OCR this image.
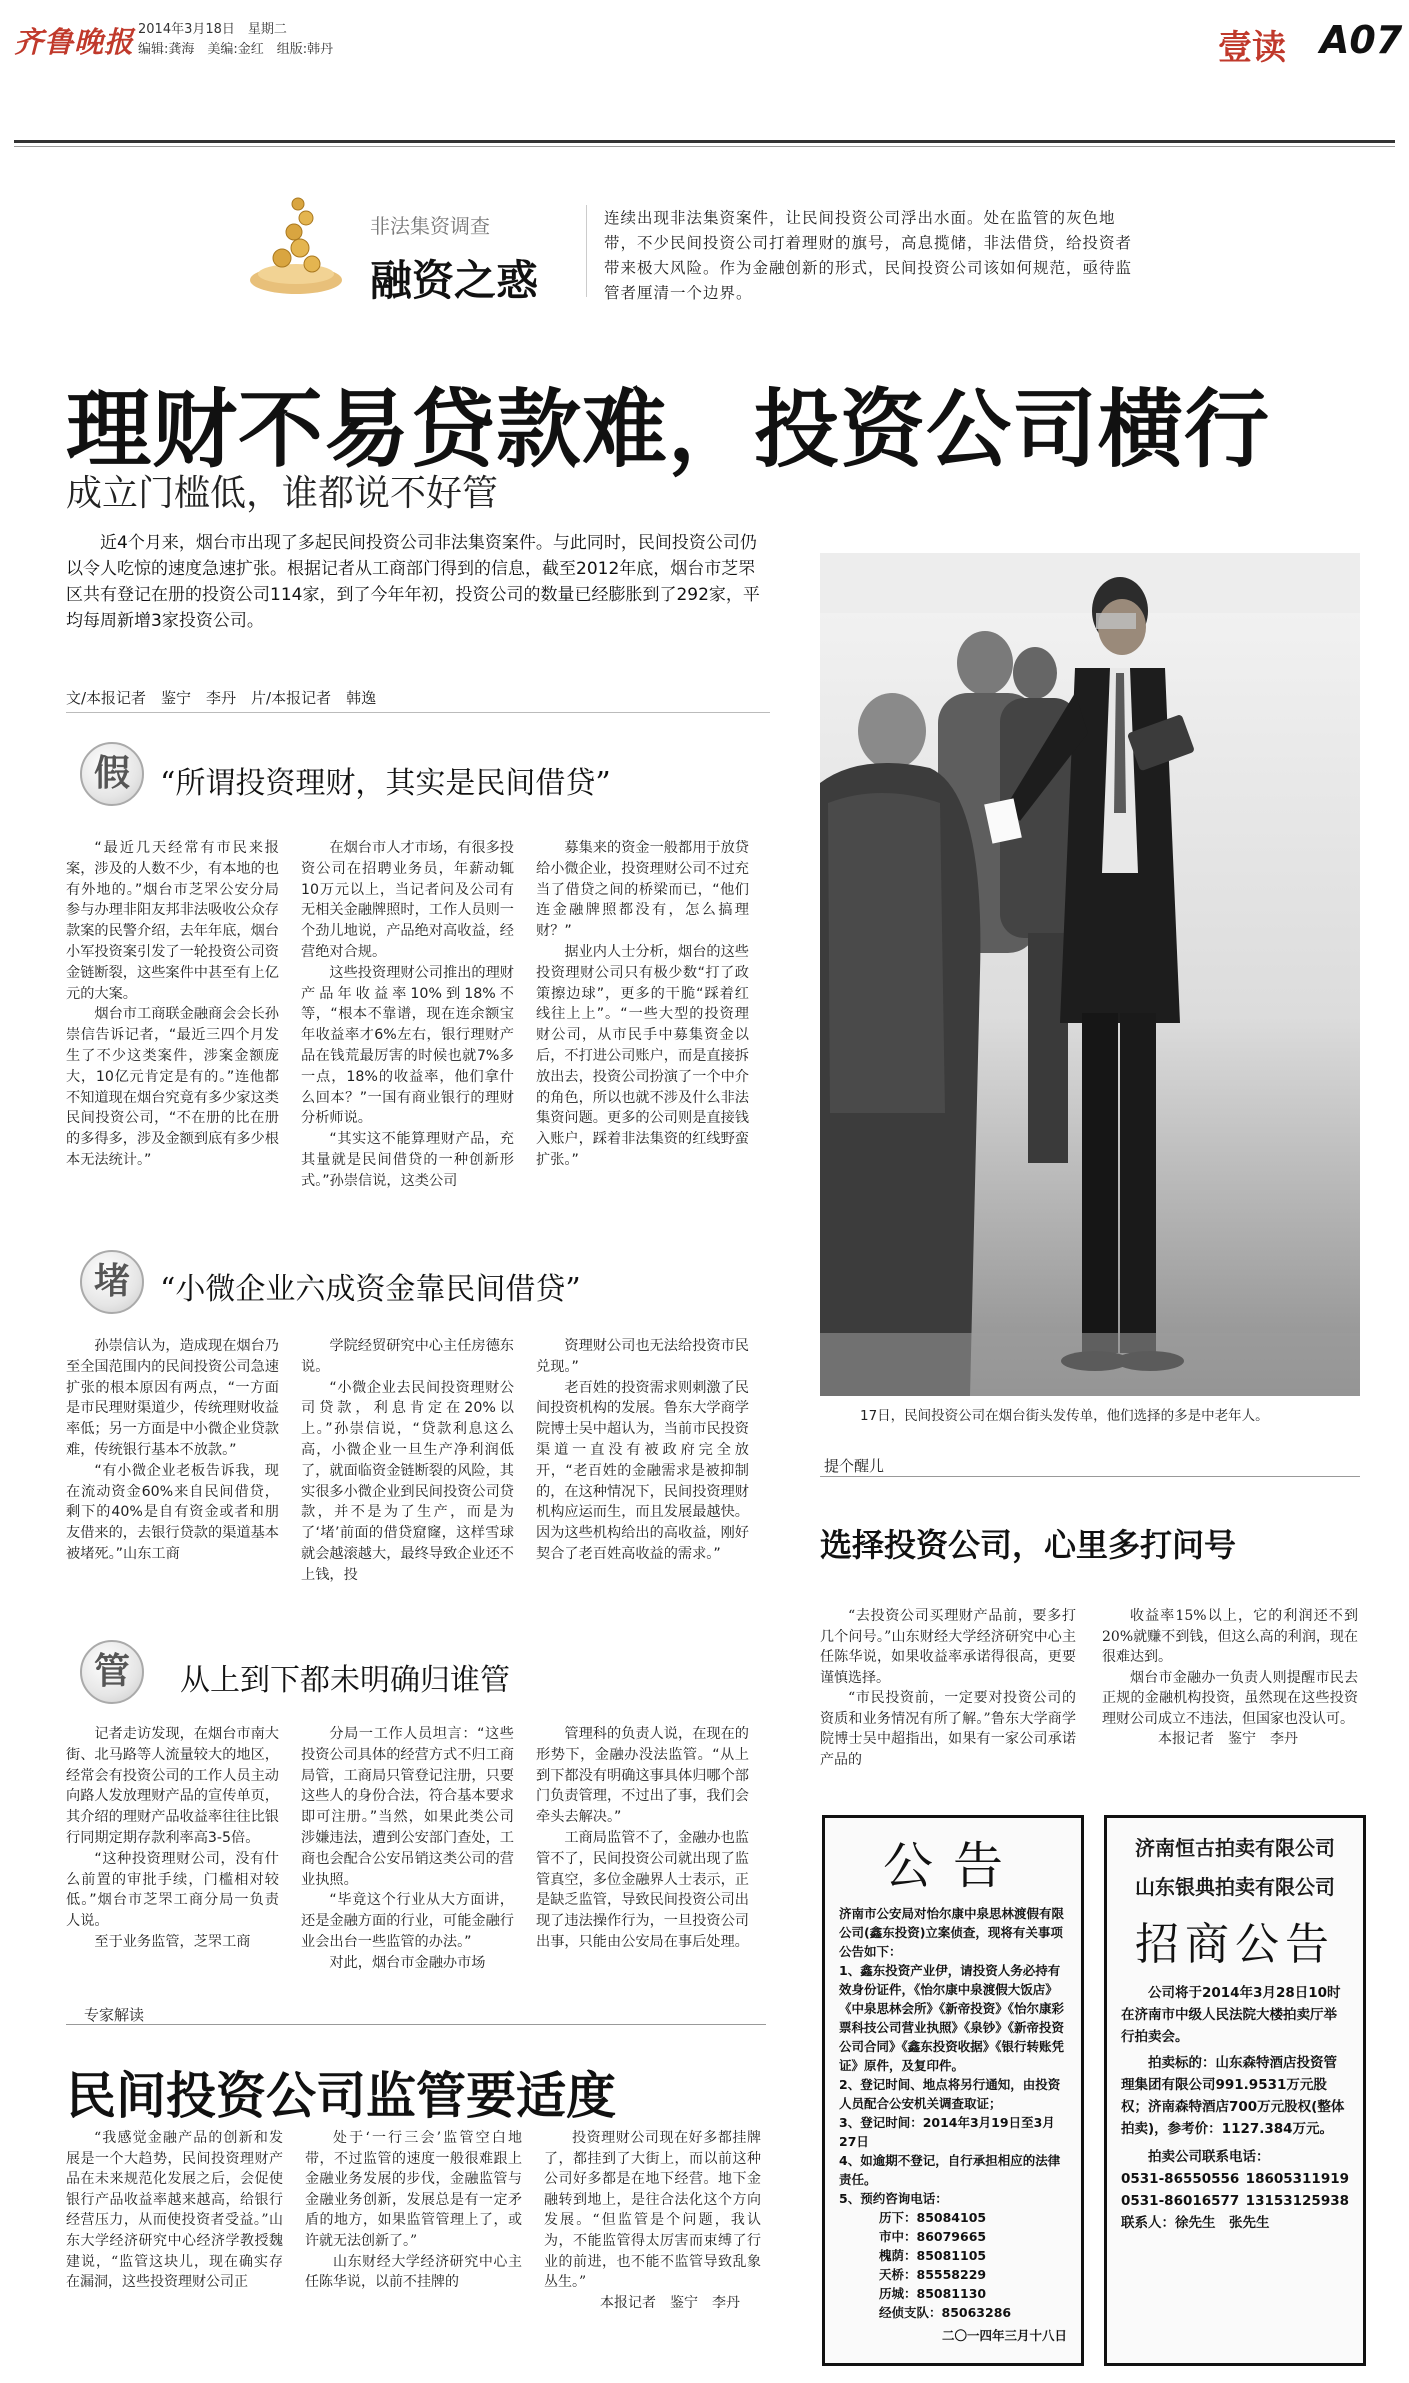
齐鲁晚报 2014年3月18日　星期二
编辑:龚海　美编:金红　组版:韩丹	壹读 A07
非法集资调查
融资之惑
连续出现非法集资案件，让民间投资公司浮出水面。处在监管的灰色地带，不少民间投资公司打着理财的旗号，高息揽储，非法借贷，给投资者带来极大风险。作为金融创新的形式，民间投资公司该如何规范，亟待监管者厘清一个边界。
理财不易贷款难，投资公司横行
成立门槛低，谁都说不好管
近4个月来，烟台市出现了多起民间投资公司非法集资案件。与此同时，民间投资公司仍以令人吃惊的速度急速扩张。根据记者从工商部门得到的信息，截至2012年底，烟台市芝罘区共有登记在册的投资公司114家，到了今年年初，投资公司的数量已经膨胀到了292家，平均每周新增3家投资公司。
文/本报记者　鉴宁　李丹　片/本报记者　韩逸
17日，民间投资公司在烟台街头发传单，他们选择的多是中老年人。
假	“所谓投资理财，其实是民间借贷”

“最近几天经常有市民来报案，涉及的人数不少，有本地的也有外地的。”烟台市芝罘公安分局参与办理非阳友邦非法吸收公众存款案的民警介绍，去年年底，烟台小军投资案引发了一轮投资公司资金链断裂，这些案件中甚至有上亿元的大案。

烟台市工商联金融商会会长孙崇信告诉记者，“最近三四个月发生了不少这类案件，涉案金额庞大，10亿元肯定是有的。”连他都不知道现在烟台究竟有多少家这类民间投资公司，“不在册的比在册的多得多，涉及金额到底有多少根本无法统计。”

在烟台市人才市场，有很多投资公司在招聘业务员，年薪动辄10万元以上，当记者问及公司有无相关金融牌照时，工作人员则一个劲儿地说，产品绝对高收益，经营绝对合规。

这些投资理财公司推出的理财产品年收益率10%到18%不等，“根本不靠谱，现在连余额宝年收益率才6%左右，银行理财产品在钱荒最厉害的时候也就7%多一点，18%的收益率，他们拿什么回本？”一国有商业银行的理财分析师说。

“其实这不能算理财产品，充其量就是民间借贷的一种创新形式。”孙崇信说，这类公司

募集来的资金一般都用于放贷给小微企业，投资理财公司不过充当了借贷之间的桥梁而已，“他们连金融牌照都没有，怎么搞理财？”

据业内人士分析，烟台的这些投资理财公司只有极少数“打了政策擦边球”，更多的干脆“踩着红线往上上”。“一些大型的投资理财公司，从市民手中募集资金以后，不打进公司账户，而是直接拆放出去，投资公司扮演了一个中介的角色，所以也就不涉及什么非法集资问题。更多的公司则是直接钱入账户，踩着非法集资的红线野蛮扩张。”

堵	“小微企业六成资金靠民间借贷”

孙崇信认为，造成现在烟台乃至全国范围内的民间投资公司急速扩张的根本原因有两点，“一方面是市民理财渠道少，传统理财收益率低；另一方面是中小微企业贷款难，传统银行基本不放款。”

“有小微企业老板告诉我，现在流动资金60%来自民间借贷，剩下的40%是自有资金或者和朋友借来的，去银行贷款的渠道基本被堵死。”山东工商

学院经贸研究中心主任房德东说。

“小微企业去民间投资理财公司贷款，利息肯定在20%以上。”孙崇信说，“贷款利息这么高，小微企业一旦生产净利润低了，就面临资金链断裂的风险，其实很多小微企业到民间投资公司贷款，并不是为了生产，而是为了‘堵’前面的借贷窟窿，这样雪球就会越滚越大，最终导致企业还不上钱，投

资理财公司也无法给投资市民兑现。”

老百姓的投资需求则刺激了民间投资机构的发展。鲁东大学商学院博士吴中超认为，当前市民投资渠道一直没有被政府完全放开，“老百姓的金融需求是被抑制的，在这种情况下，民间投资理财机构应运而生，而且发展最越快。因为这些机构给出的高收益，刚好契合了老百姓高收益的需求。”

管	从上到下都未明确归谁管

记者走访发现，在烟台市南大街、北马路等人流量较大的地区，经常会有投资公司的工作人员主动向路人发放理财产品的宣传单页，其介绍的理财产品收益率往往比银行同期定期存款利率高3-5倍。

“这种投资理财公司，没有什么前置的审批手续，门槛相对较低。”烟台市芝罘工商分局一负责人说。

至于业务监管，芝罘工商

分局一工作人员坦言：“这些投资公司具体的经营方式不归工商局管，工商局只管登记注册，只要这些人的身份合法，符合基本要求即可注册。”当然，如果此类公司涉嫌违法，遭到公安部门查处，工商也会配合公安吊销这类公司的营业执照。

“毕竟这个行业从大方面讲，还是金融方面的行业，可能金融行业会出台一些监管的办法。”

对此，烟台市金融办市场

管理科的负责人说，在现在的形势下，金融办没法监管。“从上到下都没有明确这事具体归哪个部门负责管理，不过出了事，我们会牵头去解决。”

工商局监管不了，金融办也监管不了，民间投资公司就出现了监管真空，多位金融界人士表示，正是缺乏监管，导致民间投资公司出现了违法操作行为，一旦投资公司出事，只能由公安局在事后处理。

提个醒儿
选择投资公司，心里多打问号

“去投资公司买理财产品前，要多打几个问号。”山东财经大学经济研究中心主任陈华说，如果收益率承诺得很高，更要谨慎选择。

“市民投资前，一定要对投资公司的资质和业务情况有所了解。”鲁东大学商学院博士吴中超指出，如果有一家公司承诺产品的

收益率15%以上，它的利润还不到20%就赚不到钱，但这么高的利润，现在很难达到。

烟台市金融办一负责人则提醒市民去正规的金融机构投资，虽然现在这些投资理财公司成立不违法，但国家也没认可。

本报记者　鉴宁　李丹

公告
济南市公安局对怡尔康中泉思林渡假有限公司(鑫东投资)立案侦查，现将有关事项公告如下：
1、鑫东投资产业伊，请投资人务必持有效身份证件，《怡尔康中泉渡假大饭店》《中泉思林会所》《新帝投资》《怡尔康彩票科技公司营业执照》《泉钞》《新帝投资公司合同》《鑫东投资收据》《银行转账凭证》原件，及复印件。
2、登记时间、地点将另行通知，由投资人员配合公安机关调查取证；
3、登记时间：2014年3月19日至3月27日
4、如逾期不登记，自行承担相应的法律责任。
5、预约咨询电话：
历下：85084105
市中：86079665
槐荫：85081105
天桥：85558229
历城：85081130
经侦支队：85063286
二〇一四年三月十八日
济南恒古拍卖有限公司
山东银典拍卖有限公司
招商公告
公司将于2014年3月28日10时在济南市中级人民法院大楼拍卖厅举行拍卖会。
拍卖标的：山东森特酒店投资管理集团有限公司991.9531万元股权；济南森特酒店700万元股权(整体拍卖)，参考价：1127.384万元。
拍卖公司联系电话：
0531-86550556 18605311919
0531-86016577 13153125938
联系人：徐先生　张先生
专家解读
民间投资公司监管要适度

“我感觉金融产品的创新和发展是一个大趋势，民间投资理财产品在未来规范化发展之后，会促使银行产品收益率越来越高，给银行经营压力，从而使投资者受益。”山东大学经济研究中心经济学教授魏建说，“监管这块儿，现在确实存在漏洞，这些投资理财公司正

处于‘一行三会’监管空白地带，不过监管的速度一般很难跟上金融业务发展的步伐，金融监管与金融业务创新，发展总是有一定矛盾的地方，如果监管管理上了，或许就无法创新了。”

山东财经大学经济研究中心主任陈华说，以前不挂牌的

投资理财公司现在好多都挂牌了，都挂到了大街上，而以前这种公司好多都是在地下经营。地下金融转到地上，是往合法化这个方向发展。“但监管是个问题，我认为，不能监管得太厉害而束缚了行业的前进，也不能不监管导致乱象丛生。”

本报记者　鉴宁　李丹
